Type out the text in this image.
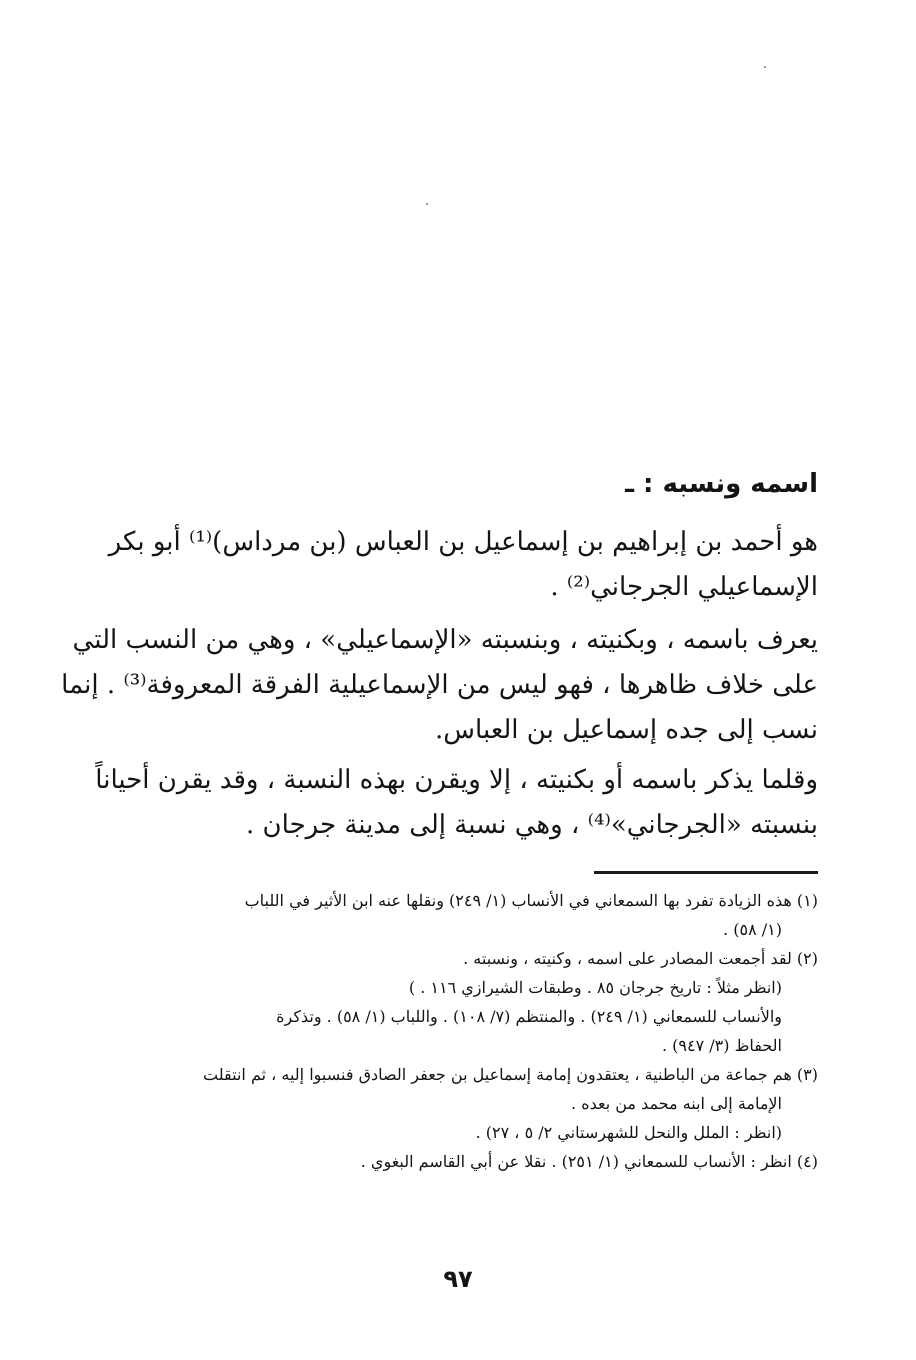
اسمه ونسبه : ـ
هو أحمد بن إبراهيم بن إسماعيل بن العباس (بن مرداس)⁽¹⁾ أبو بكر
الإسماعيلي الجرجاني⁽²⁾ .
يعرف باسمه ، وبكنيته ، وبنسبته «الإسماعيلي» ، وهي من النسب التي
على خلاف ظاهرها ، فهو ليس من الإسماعيلية الفرقة المعروفة⁽³⁾ . إنما
نسب إلى جده إسماعيل بن العباس.
وقلما يذكر باسمه أو بكنيته ، إلا ويقرن بهذه النسبة ، وقد يقرن أحياناً
بنسبته «الجرجاني»⁽⁴⁾ ، وهي نسبة إلى مدينة جرجان .
(١) هذه الزيادة تفرد بها السمعاني في الأنساب (١/ ٢٤٩) ونقلها عنه ابن الأثير في اللباب
(١/ ٥٨) .
(٢) لقد أجمعت المصادر على اسمه ، وكنيته ، ونسبته .
(انظر مثلاً : تاريخ جرجان ٨٥ . وطبقات الشيرازي ١١٦ . )
والأنساب للسمعاني (١/ ٢٤٩) . والمنتظم (٧/ ١٠٨) . واللباب (١/ ٥٨) . وتذكرة
الحفاظ (٣/ ٩٤٧) .
(٣) هم جماعة من الباطنية ، يعتقدون إمامة إسماعيل بن جعفر الصادق فنسبوا إليه ، ثم انتقلت
الإمامة إلى ابنه محمد من بعده .
(انظر : الملل والنحل للشهرستاني ٢/ ٥ ، ٢٧) .
(٤) انظر : الأنساب للسمعاني (١/ ٢٥١) . نقلا عن أبي القاسم البغوي .
٩٧
